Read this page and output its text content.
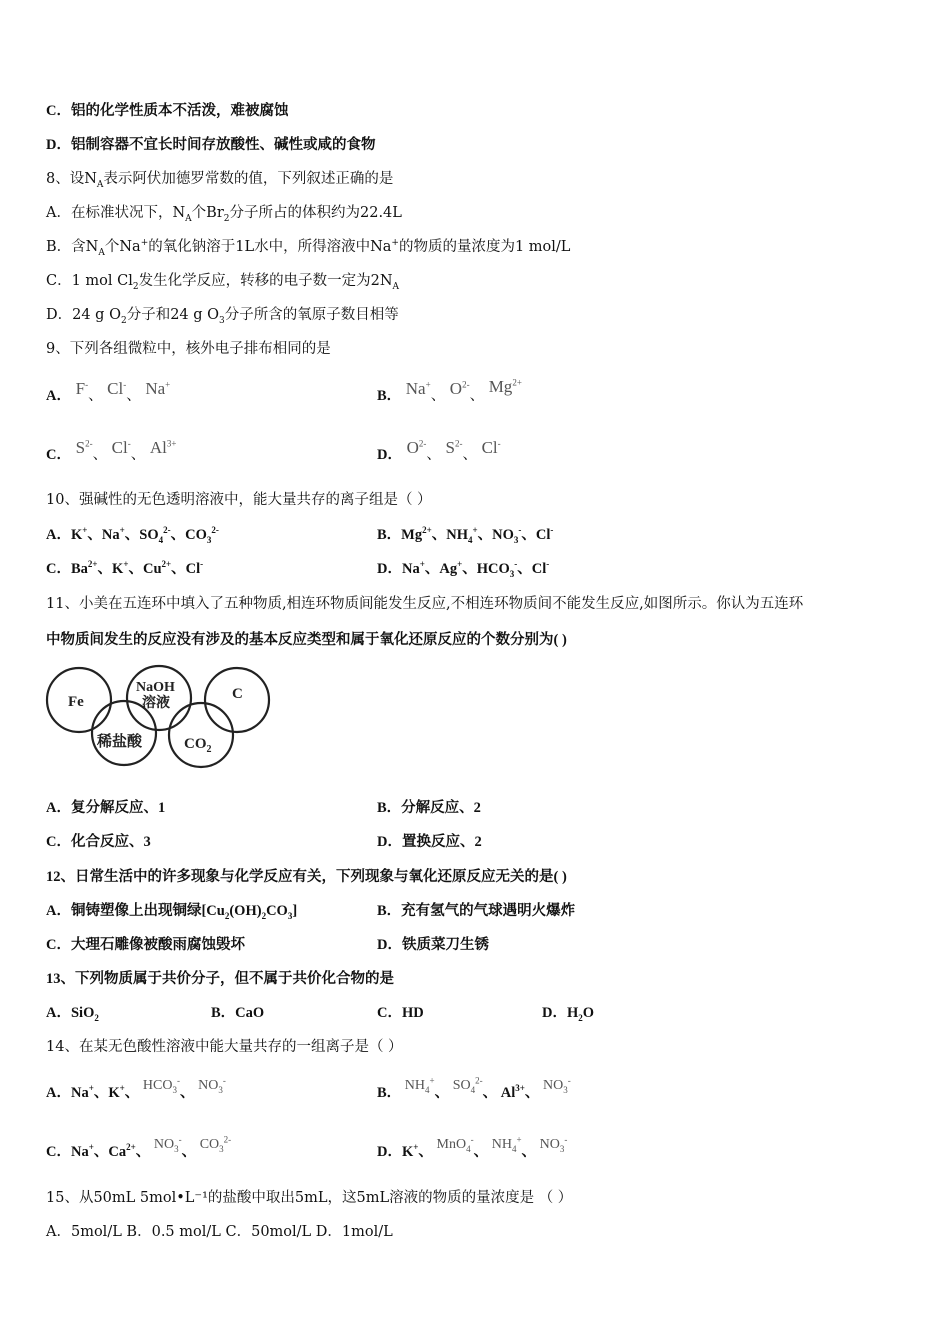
C．铝的化学性质本不活泼，难被腐蚀
D．铝制容器不宜长时间存放酸性、碱性或咸的食物
8、设$N_A$表示阿伏加德罗常数的值，下列叙述正确的是
A．在标准状况下，$N_A$个$Br_2$分子所占的体积约为22.4L
B．含$N_A$个Na+的氧化钠溶于1L水中，所得溶液中Na+的物质的量浓度为1 mol/L
C．1 mol $Cl_2$发生化学反应，转移的电子数一定为$2N_A$
D．24 g $O_2$分子和24 g $O_3$分子所含的氧原子数目相等
9、下列各组微粒中，核外电子排布相同的是
A． F-、 Cl-、 Na+
B． Na+、 $O^{2-}$、 $Mg^{2+}$
C． $S^{2-}$、 Cl-、 $Al^{3+}$
D． $O^{2-}$、 $S^{2-}$、 Cl-
10、强碱性的无色透明溶液中，能大量共存的离子组是（ ）
A．K+、Na+、$SO_4^{2-}$、$CO_3^{2-}$	B．$Mg^{2+}$、$NH_4^+$、$NO_3^-$、Cl-
C．$Ba^{2+}$、K+、$Cu^{2+}$、Cl-	D．Na+、Ag+、$HCO_3^-$、Cl-
11、小美在五连环中填入了五种物质,相连环物质间能发生反应,不相连环物质间不能发生反应,如图所示。你认为五连环
中物质间发生的反应没有涉及的基本反应类型和属于氧化还原反应的个数分别为( )
Fe
NaOH
溶液
C
稀盐酸	$CO_2$
A．复分解反应、1	B．分解反应、2
C．化合反应、3	D．置换反应、2
12、日常生活中的许多现象与化学反应有关，下列现象与氧化还原反应无关的是( )
A．铜铸塑像上出现铜绿$[Cu_2(OH)_2CO_3]$	B．充有氢气的气球遇明火爆炸
C．大理石雕像被酸雨腐蚀毁坏	D．铁质菜刀生锈
13、下列物质属于共价分子，但不属于共价化合物的是
A．SiO$_2$	B．CaO	C．HD	D．$H_2O$
14、在某无色酸性溶液中能大量共存的一组离子是（ ）
A．Na+、K+、 $HCO_3^-$、 $NO_3^-$
B． $NH_4^+$、 $SO_4^{2-}$、 $Al^{3+}$、 $NO_3^-$
C．Na+、$Ca^{2+}$、 $NO_3^-$、 $CO_3^{2-}$
D．K+、 MnO$_4$-、 $NH_4^+$、 $NO_3^-$
15、从50mL 5mol•L⁻¹的盐酸中取出5mL，这5mL溶液的物质的量浓度是 （ ）
A．5mol/L B．0.5 mol/L C．50mol/L D．1mol/L
